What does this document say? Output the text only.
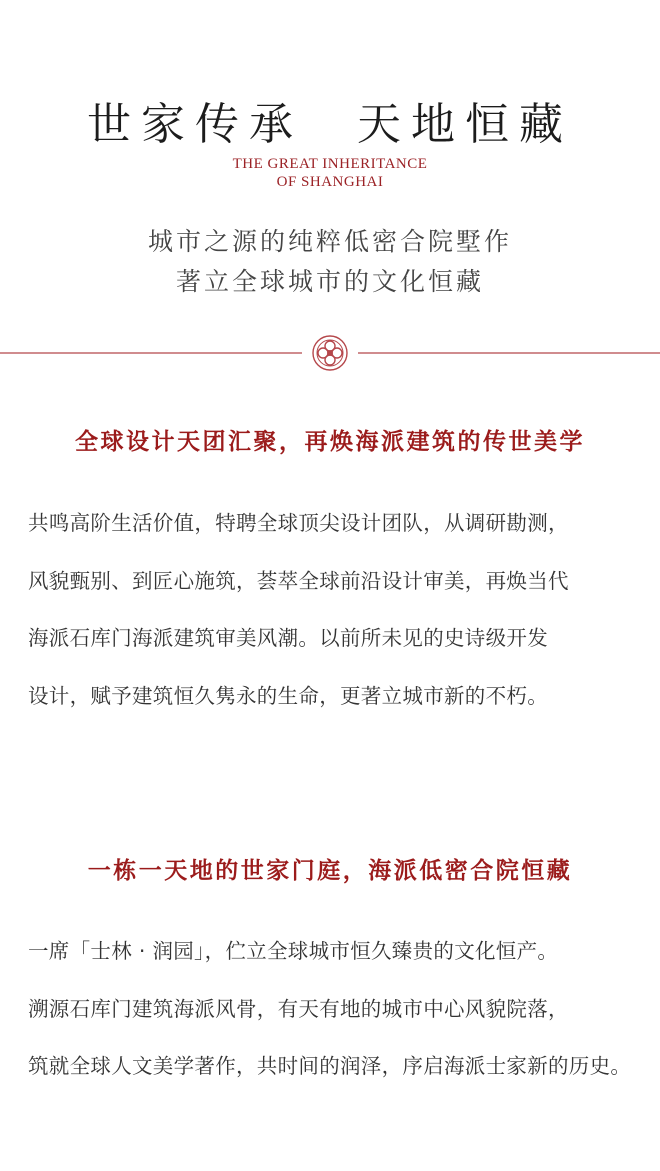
世家传承　天地恒藏
THE GREAT INHERITANCE
OF SHANGHAI
城市之源的纯粹低密合院墅作
著立全球城市的文化恒藏
全球设计天团汇聚，再焕海派建筑的传世美学
共鸣高阶生活价值，特聘全球顶尖设计团队，从调研勘测，
风貌甄别、到匠心施筑，荟萃全球前沿设计审美，再焕当代
海派石库门海派建筑审美风潮。以前所未见的史诗级开发
设计，赋予建筑恒久隽永的生命，更著立城市新的不朽。
一栋一天地的世家门庭，海派低密合院恒藏
一席「士林 · 润园」，伫立全球城市恒久臻贵的文化恒产。
溯源石库门建筑海派风骨，有天有地的城市中心风貌院落，
筑就全球人文美学著作，共时间的润泽，序启海派士家新的历史。
